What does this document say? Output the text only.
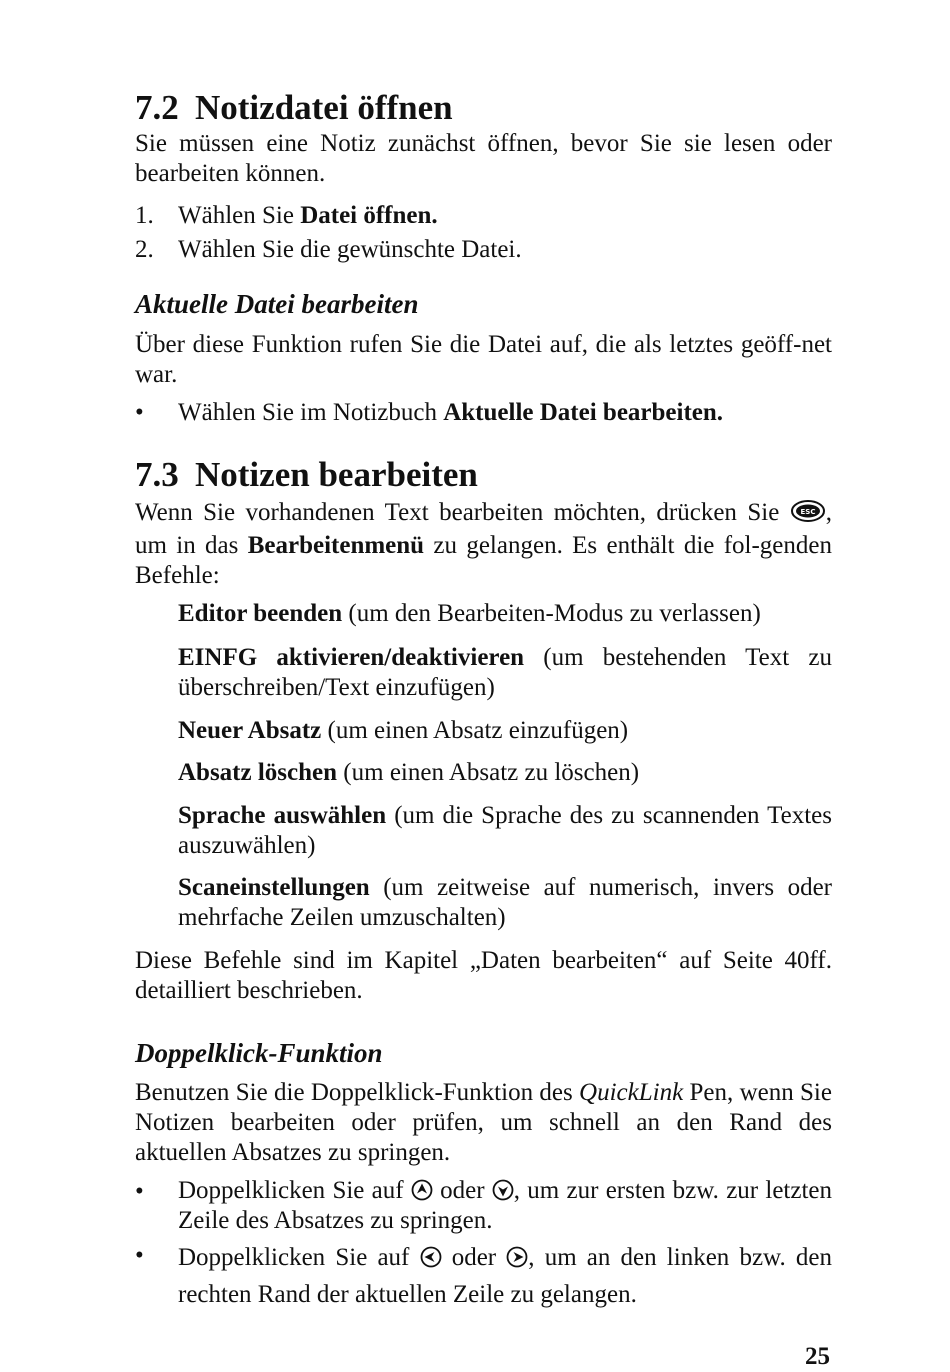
7.2 Notizdatei öffnen

Sie müssen eine Notiz zunächst öffnen, bevor Sie sie lesen oder bearbeiten können.

1. Wählen Sie Datei öffnen.
2. Wählen Sie die gewünschte Datei.
Aktuelle Datei bearbeiten

Über diese Funktion rufen Sie die Datei auf, die als letztes geöff-net war.

• Wählen Sie im Notizbuch Aktuelle Datei bearbeiten.
7.3 Notizen bearbeiten

Wenn Sie vorhandenen Text bearbeiten möchten, drücken Sie	ESC , um in das Bearbeitenmenü zu gelangen. Es enthält die fol-genden Befehle:

Editor beenden (um den Bearbeiten-Modus zu verlassen)

EINFG aktivieren/deaktivieren (um bestehenden Text zu überschreiben/Text einzufügen)

Neuer Absatz (um einen Absatz einzufügen)

Absatz löschen (um einen Absatz zu löschen)

Sprache auswählen (um die Sprache des zu scannenden Textes auszuwählen)

Scaneinstellungen (um zeitweise auf numerisch, invers oder mehrfache Zeilen umzuschalten)

Diese Befehle sind im Kapitel „Daten bearbeiten“ auf Seite 40ff. detailliert beschrieben.

Doppelklick-Funktion

Benutzen Sie die Doppelklick-Funktion des QuickLink Pen, wenn Sie Notizen bearbeiten oder prüfen, um schnell an den Rand des aktuellen Absatzes zu springen.

• Doppelklicken Sie auf  oder , um zur ersten bzw. zur letzten Zeile des Absatzes zu springen.
• Doppelklicken Sie auf  oder , um an den linken bzw. den rechten Rand der aktuellen Zeile zu gelangen.
25
